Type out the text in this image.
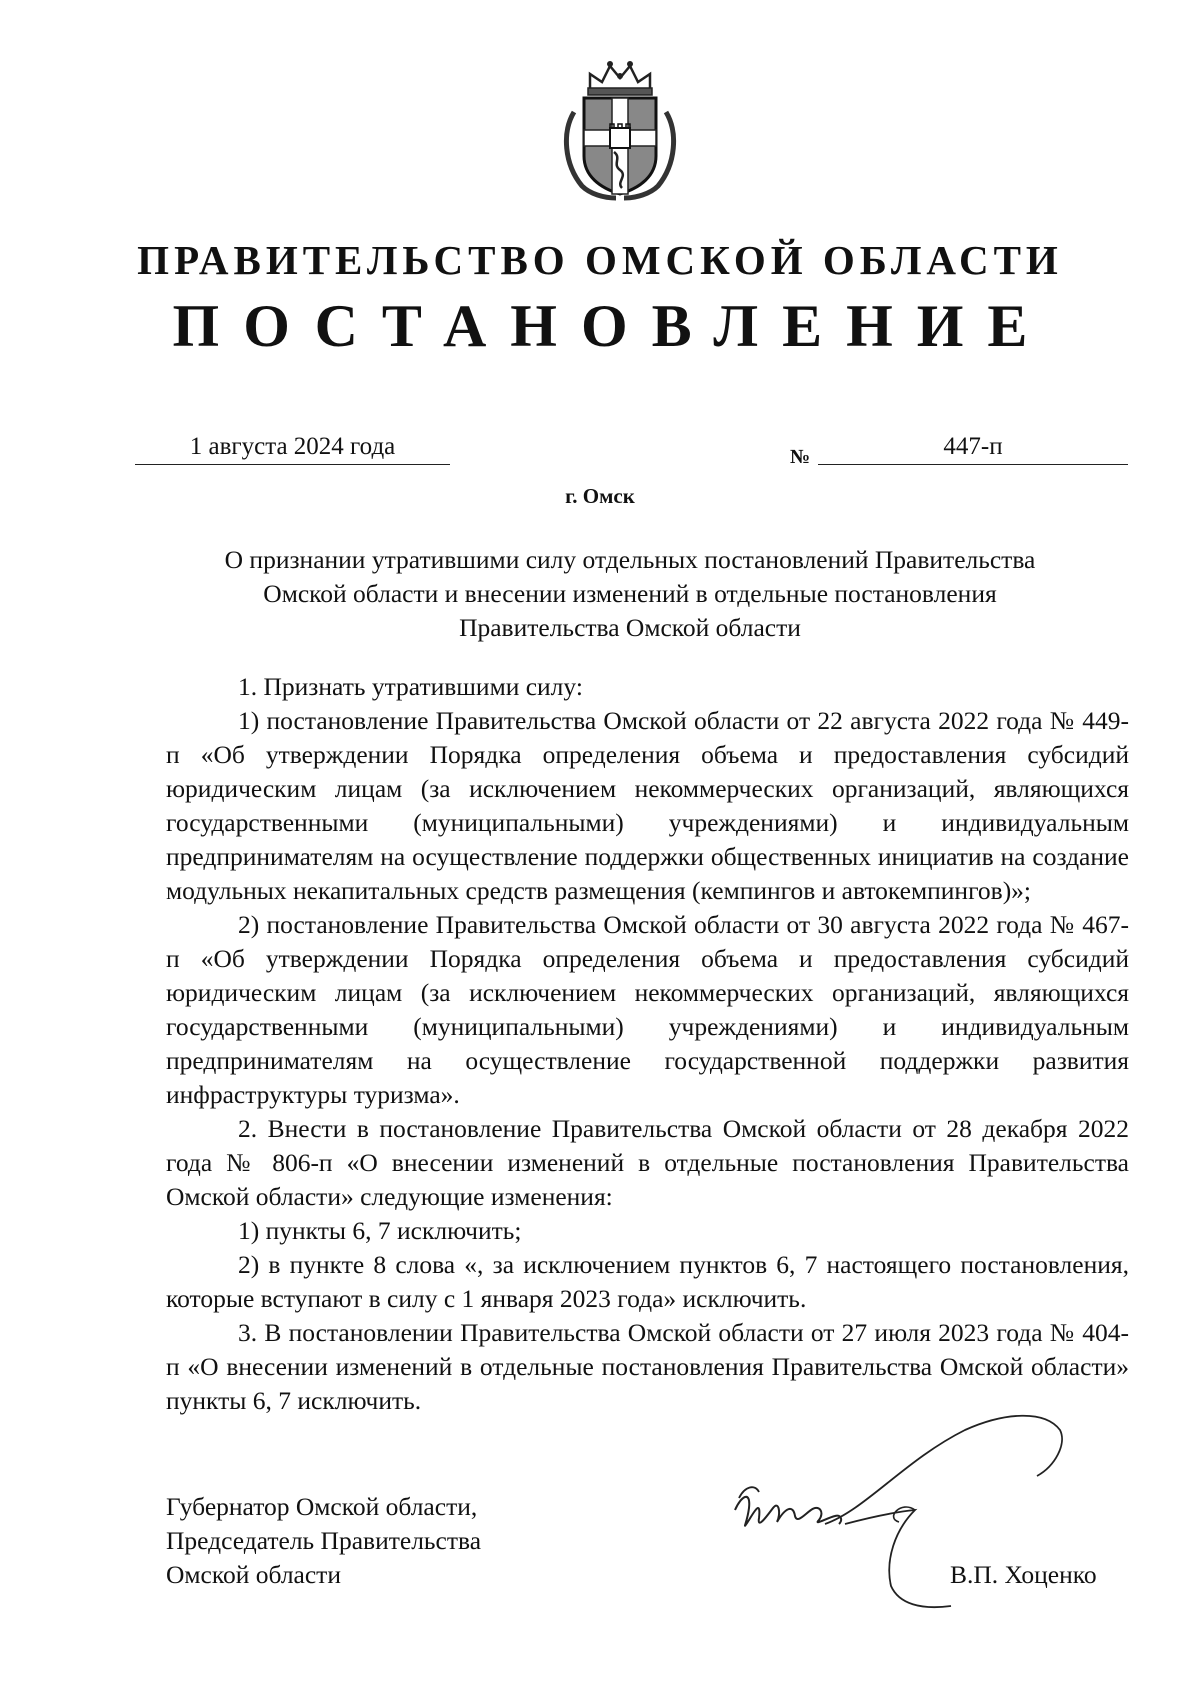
ПРАВИТЕЛЬСТВО ОМСКОЙ ОБЛАСТИ
ПОСТАНОВЛЕНИЕ
1 августа 2024 года	№	447-п
г. Омск
О признании утратившими силу отдельных постановлений Правительства
Омской области и внесении изменений в отдельные постановления
Правительства Омской области

1. Признать утратившими силу:

1) постановление Правительства Омской области от 22 августа 2022 года № 449-п «Об утверждении Порядка определения объема и предоставления субсидий юридическим лицам (за исключением некоммерческих организаций, являющихся государственными (муниципальными) учреждениями) и индивидуальным предпринимателям на осуществление поддержки общественных инициатив на создание модульных некапитальных средств размещения (кемпингов и автокемпингов)»;

2) постановление Правительства Омской области от 30 августа 2022 года № 467-п «Об утверждении Порядка определения объема и предоставления субсидий юридическим лицам (за исключением некоммерческих организаций, являющихся государственными (муниципальными) учреждениями) и индивидуальным предпринимателям на осуществление государственной поддержки развития инфраструктуры туризма».

2. Внести в постановление Правительства Омской области от 28 декабря 2022 года № 806-п «О внесении изменений в отдельные постановления Правительства Омской области» следующие изменения:

1) пункты 6, 7 исключить;

2) в пункте 8 слова «, за исключением пунктов 6, 7 настоящего постановления, которые вступают в силу с 1 января 2023 года» исключить.

3. В постановлении Правительства Омской области от 27 июля 2023 года № 404-п «О внесении изменений в отдельные постановления Правительства Омской области» пункты 6, 7 исключить.

Губернатор Омской области,
Председатель Правительства
Омской области	В.П. Хоценко
